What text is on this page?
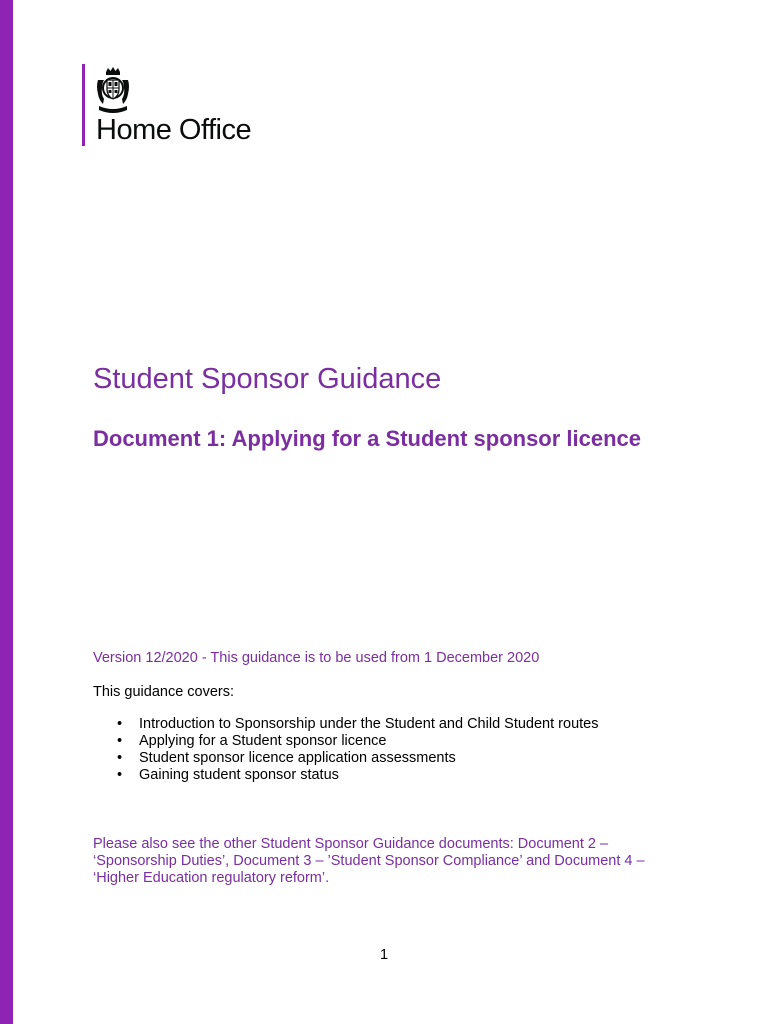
Home Office
Student Sponsor Guidance
Document 1: Applying for a Student sponsor licence
Version 12/2020 - This guidance is to be used from 1 December 2020
This guidance covers:
• Introduction to Sponsorship under the Student and Child Student routes
• Applying for a Student sponsor licence
• Student sponsor licence application assessments
• Gaining student sponsor status
Please also see the other Student Sponsor Guidance documents: Document 2 – ‘Sponsorship Duties’, Document 3 – ’Student Sponsor Compliance’ and Document 4 – ‘Higher Education regulatory reform’.
1
